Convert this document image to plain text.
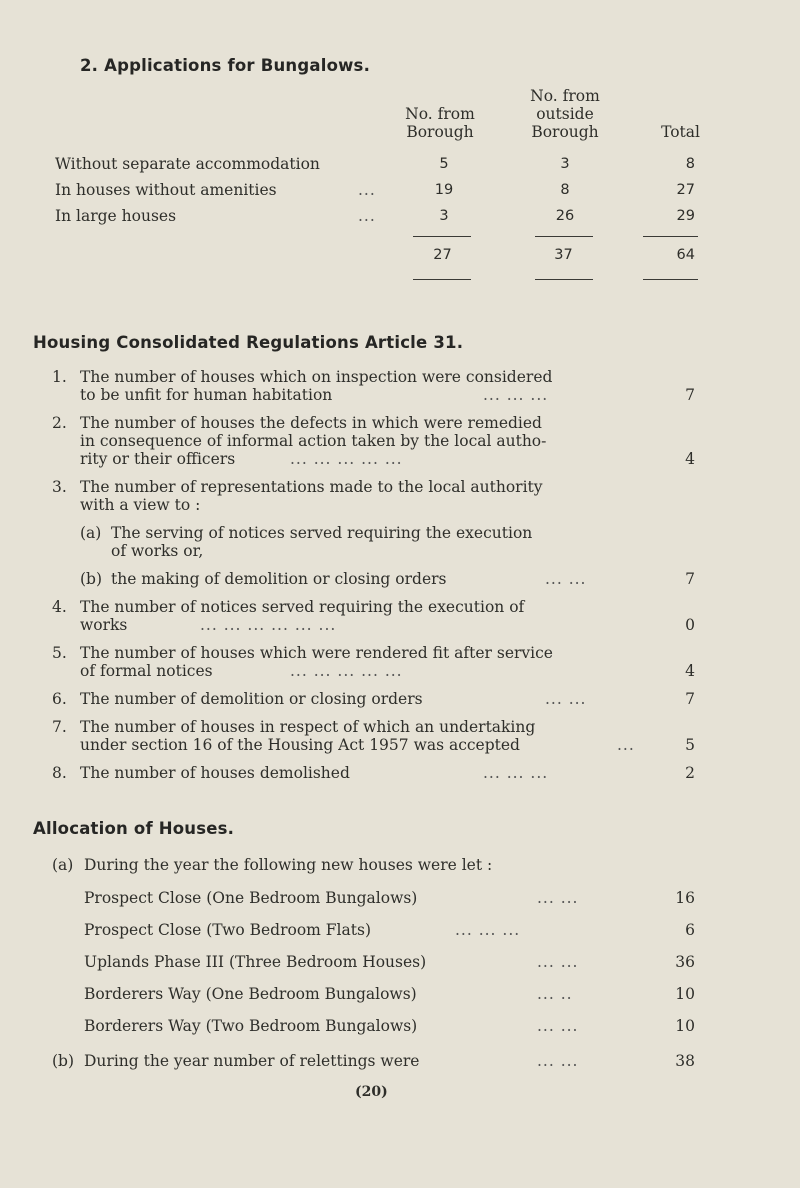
2. Applications for Bungalows.
No. from
Borough
No. from
outside
Borough	Total
Without separate accommodation	5	3	8
In houses without amenities	...	19	8	27
In large houses	...	3	26	29
27	37	64
Housing Consolidated Regulations Article 31.
1. The number of houses which on inspection were considered
to be unfit for human habitation	... ... ...	7
2. The number of houses the defects in which were remedied
in consequence of informal action taken by the local autho-
rity or their officers	... ... ... ... ...	4
3. The number of representations made to the local authority
with a view to :
(a) The serving of notices served requiring the execution
of works or,
(b) the making of demolition or closing orders	... ...	7
4. The number of notices served requiring the execution of
works	... ... ... ... ... ...	0
5. The number of houses which were rendered fit after service
of formal notices	... ... ... ... ...	4
6. The number of demolition or closing orders	... ...	7
7. The number of houses in respect of which an undertaking
under section 16 of the Housing Act 1957 was accepted	...	5
8. The number of houses demolished	... ... ...	2
Allocation of Houses.
(a) During the year the following new houses were let :
Prospect Close (One Bedroom Bungalows)	... ...	16
Prospect Close (Two Bedroom Flats)	... ... ...	6
Uplands Phase III (Three Bedroom Houses)	... ...	36
Borderers Way (One Bedroom Bungalows)	... ..	10
Borderers Way (Two Bedroom Bungalows)	... ...	10
(b) During the year number of relettings were	... ...	38
(20)
